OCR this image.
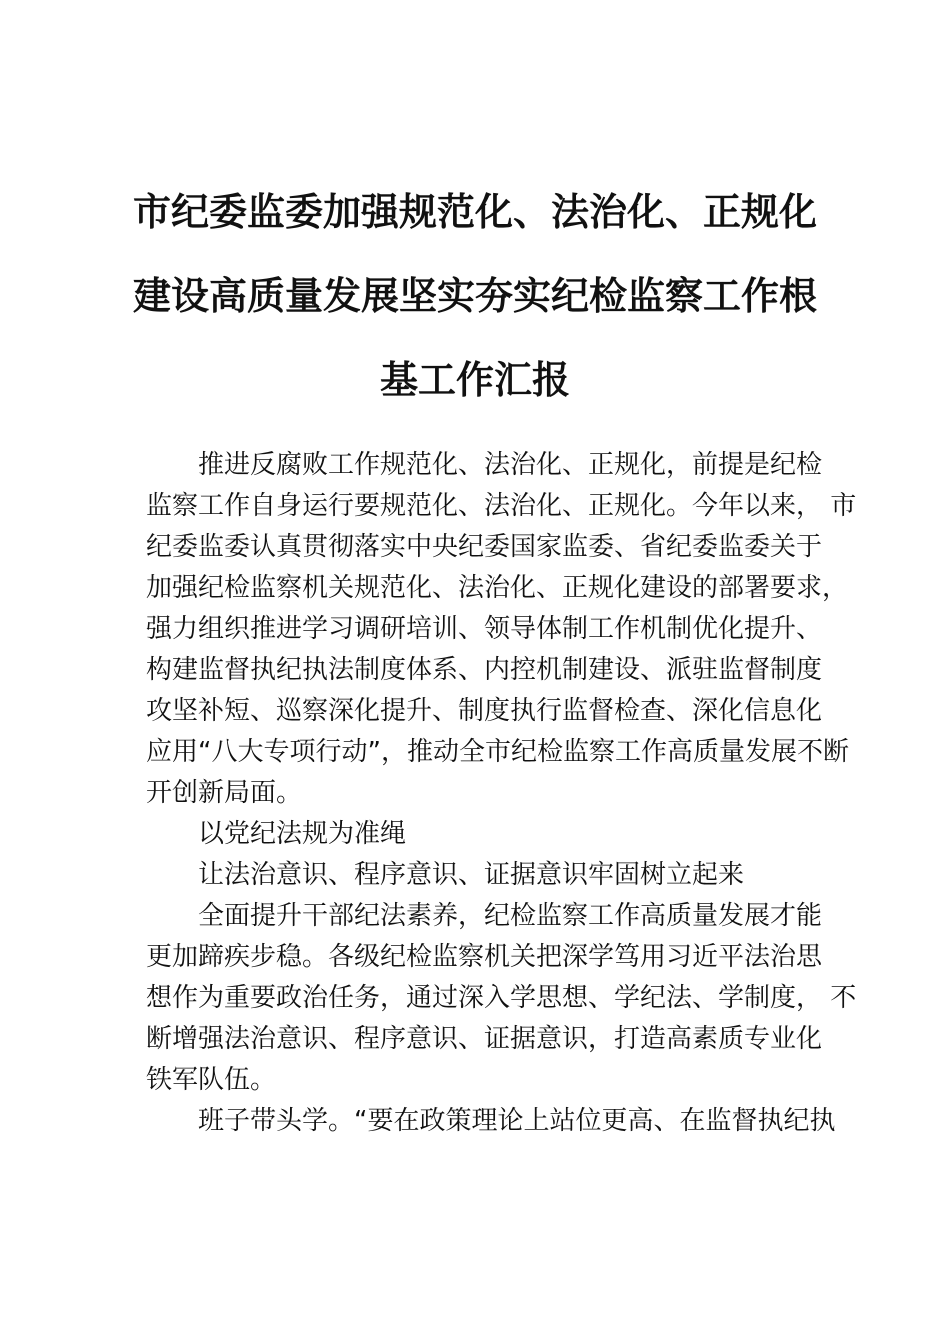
市纪委监委加强规范化、法治化、正规化
建设高质量发展坚实夯实纪检监察工作根
基工作汇报
推进反腐败工作规范化、法治化、正规化，前提是纪检
监察工作自身运行要规范化、法治化、正规化。今年以来， 市
纪委监委认真贯彻落实中央纪委国家监委、省纪委监委关于
加强纪检监察机关规范化、法治化、正规化建设的部署要求，
强力组织推进学习调研培训、领导体制工作机制优化提升、
构建监督执纪执法制度体系、内控机制建设、派驻监督制度
攻坚补短、巡察深化提升、制度执行监督检查、深化信息化
应用“八大专项行动”，推动全市纪检监察工作高质量发展不断
开创新局面。
以党纪法规为准绳
让法治意识、程序意识、证据意识牢固树立起来
全面提升干部纪法素养，纪检监察工作高质量发展才能
更加蹄疾步稳。各级纪检监察机关把深学笃用习近平法治思
想作为重要政治任务，通过深入学思想、学纪法、学制度， 不
断增强法治意识、程序意识、证据意识，打造高素质专业化
铁军队伍。
班子带头学。“要在政策理论上站位更高、在监督执纪执
